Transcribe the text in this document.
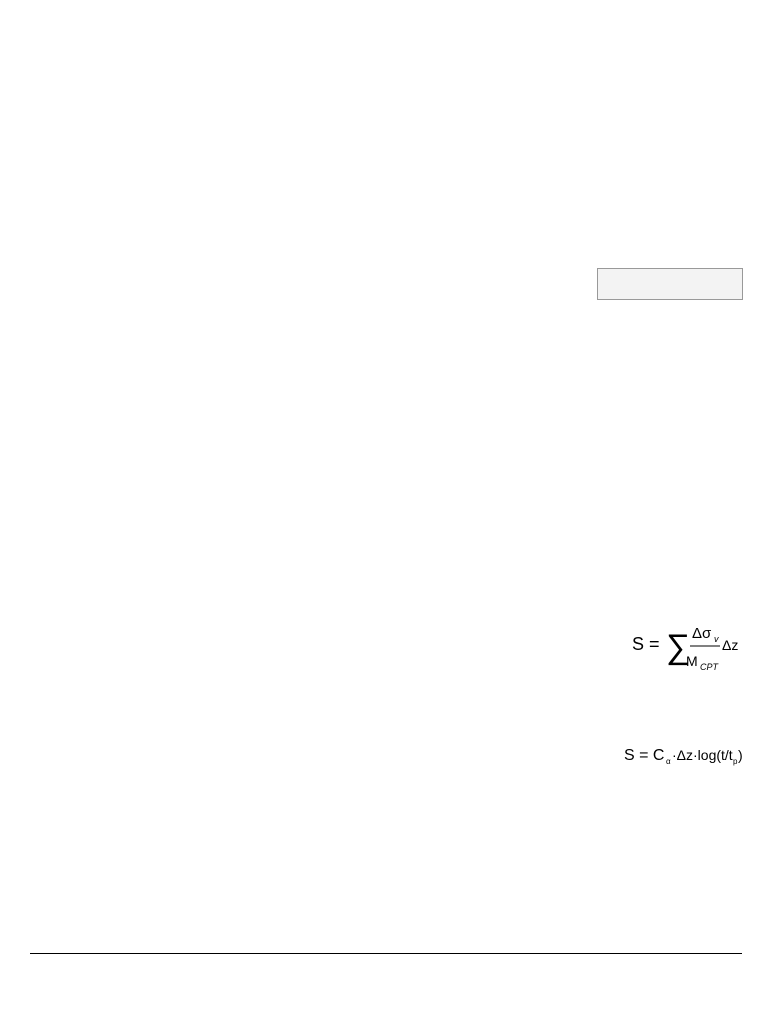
S = ∑ Δσ v
M CPT
Δz
S = C α ·Δz·log(t/t p )
